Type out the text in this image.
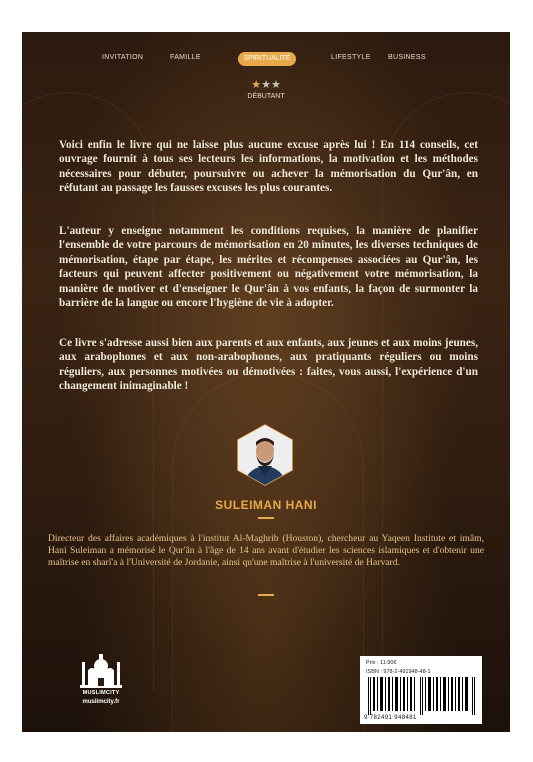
INVITATION	FAMILLE	SPIRITUALITÉ	LIFESTYLE BUSINESS
★★★
DÉBUTANT

Voici enfin le livre qui ne laisse plus aucune excuse après lui ! En 114 conseils, cet ouvrage fournit à tous ses lecteurs les informations, la motivation et les méthodes nécessaires pour débuter, poursuivre ou achever la mémorisation du Qur'ân, en réfutant au passage les fausses excuses les plus courantes.

L'auteur y enseigne notamment les conditions requises, la manière de planifier l'ensemble de votre parcours de mémorisation en 20 minutes, les diverses techniques de mémorisation, étape par étape, les mérites et récompenses associées au Qur'ân, les facteurs qui peuvent affecter positivement ou négativement votre mémorisation, la manière de motiver et d'enseigner le Qur'ân à vos enfants, la façon de surmonter la barrière de la langue ou encore l'hygiène de vie à adopter.

Ce livre s'adresse aussi bien aux parents et aux enfants, aux jeunes et aux moins jeunes, aux arabophones et aux non-arabophones, aux pratiquants réguliers ou moins réguliers, aux personnes motivées ou démotivées : faites, vous aussi, l'expérience d'un changement inimaginable !

SULEIMAN HANI

Directeur des affaires académiques à l'institut Al-Maghrib (Houston), chercheur au Yaqeen Institute et imâm, Hani Suleiman a mémorisé le Qur'ân à l'âge de 14 ans avant d'étudier les sciences islamiques et d'obtenir une maîtrise en sharî'a à l'Université de Jordanie, ainsi qu'une maîtrise à l'université de Harvard.

MUSLIMCITY
muslimcity.fr
Prix : 11.90€
ISBN : 978-2-491948-48-1
9 782491 948481
